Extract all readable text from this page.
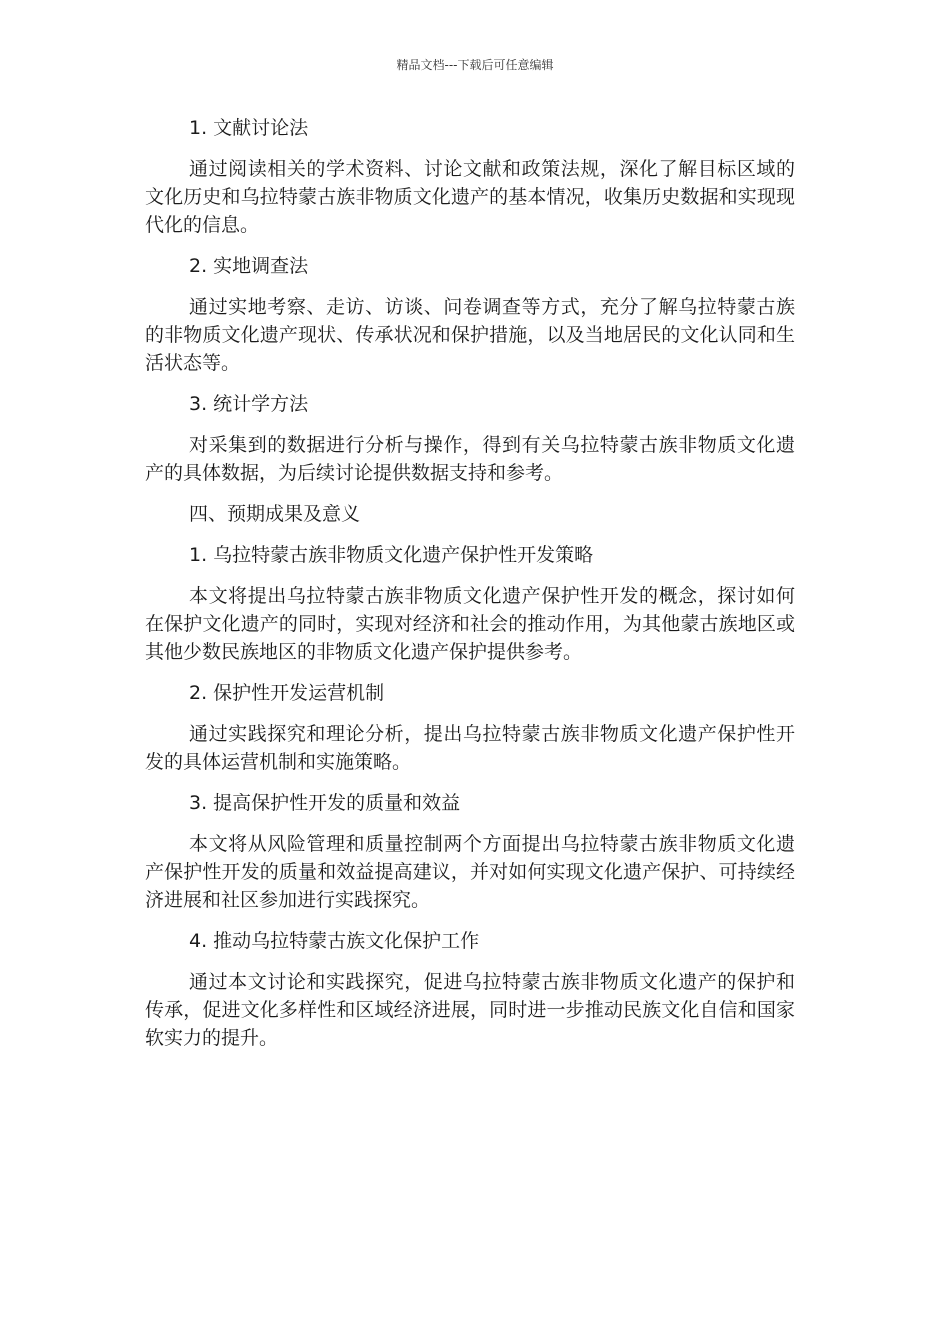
精品文档---下载后可任意编辑

1. 文献讨论法

通过阅读相关的学术资料、讨论文献和政策法规，深化了解目标区域的文化历史和乌拉特蒙古族非物质文化遗产的基本情况，收集历史数据和实现现代化的信息。

2. 实地调查法

通过实地考察、走访、访谈、问卷调查等方式，充分了解乌拉特蒙古族的非物质文化遗产现状、传承状况和保护措施，以及当地居民的文化认同和生活状态等。

3. 统计学方法

对采集到的数据进行分析与操作，得到有关乌拉特蒙古族非物质文化遗产的具体数据，为后续讨论提供数据支持和参考。

四、预期成果及意义

1. 乌拉特蒙古族非物质文化遗产保护性开发策略

本文将提出乌拉特蒙古族非物质文化遗产保护性开发的概念，探讨如何在保护文化遗产的同时，实现对经济和社会的推动作用，为其他蒙古族地区或其他少数民族地区的非物质文化遗产保护提供参考。

2. 保护性开发运营机制

通过实践探究和理论分析，提出乌拉特蒙古族非物质文化遗产保护性开发的具体运营机制和实施策略。

3. 提高保护性开发的质量和效益

本文将从风险管理和质量控制两个方面提出乌拉特蒙古族非物质文化遗产保护性开发的质量和效益提高建议，并对如何实现文化遗产保护、可持续经济进展和社区参加进行实践探究。

4. 推动乌拉特蒙古族文化保护工作

通过本文讨论和实践探究，促进乌拉特蒙古族非物质文化遗产的保护和传承，促进文化多样性和区域经济进展，同时进一步推动民族文化自信和国家软实力的提升。
